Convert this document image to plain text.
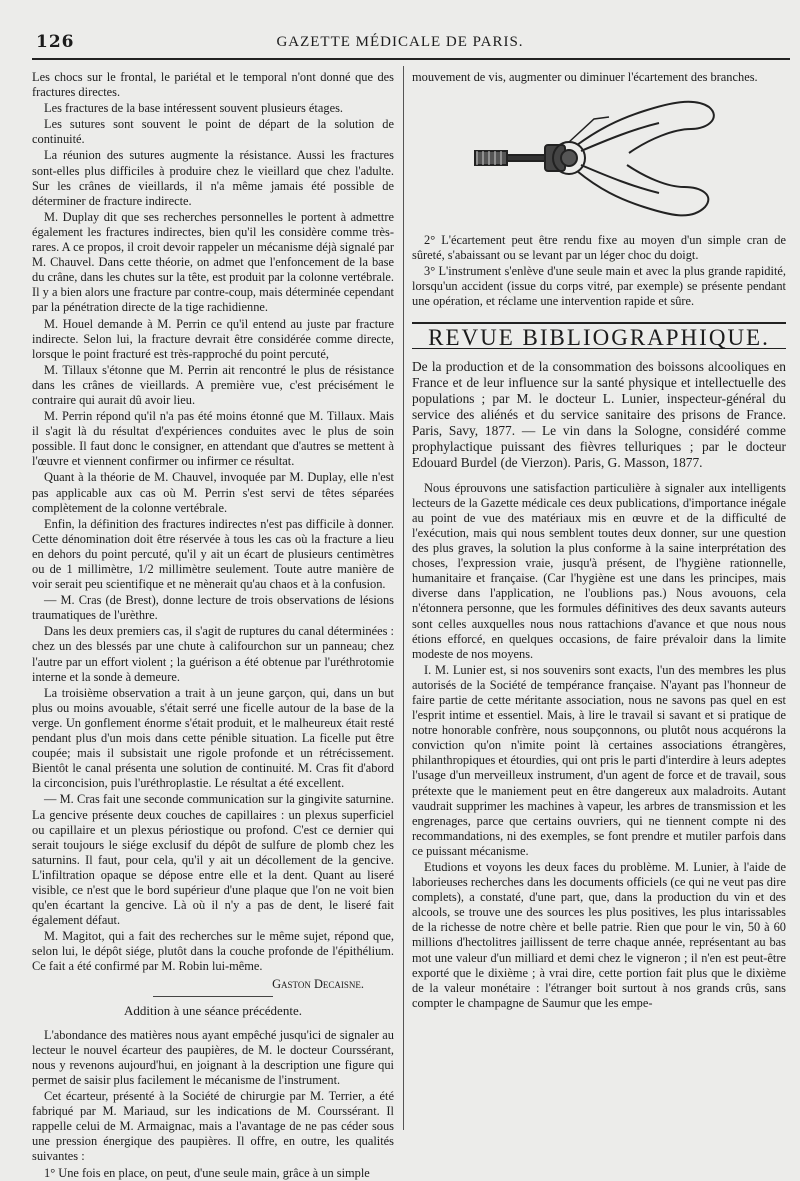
126	GAZETTE MÉDICALE DE PARIS.

Les chocs sur le frontal, le pariétal et le temporal n'ont donné que des fractures directes.

Les fractures de la base intéressent souvent plusieurs étages.

Les sutures sont souvent le point de départ de la solution de continuité.

La réunion des sutures augmente la résistance. Aussi les fractures sont-elles plus difficiles à produire chez le vieillard que chez l'adulte. Sur les crânes de vieillards, il n'a même jamais été possible de déterminer de fracture indirecte.

M. Duplay dit que ses recherches personnelles le portent à admettre également les fractures indirectes, bien qu'il les considère comme très-rares. A ce propos, il croit devoir rappeler un mécanisme déjà signalé par M. Chauvel. Dans cette théorie, on admet que l'enfoncement de la base du crâne, dans les chutes sur la tête, est produit par la colonne vertébrale. Il y a bien alors une fracture par contre-coup, mais déterminée cependant par la pénétration directe de la tige rachidienne.

M. Houel demande à M. Perrin ce qu'il entend au juste par fracture indirecte. Selon lui, la fracture devrait être considérée comme directe, lorsque le point fracturé est très-rapproché du point percuté,

M. Tillaux s'étonne que M. Perrin ait rencontré le plus de résistance dans les crânes de vieillards. A première vue, c'est précisément le contraire qui aurait dû avoir lieu.

M. Perrin répond qu'il n'a pas été moins étonné que M. Tillaux. Mais il s'agit là du résultat d'expériences conduites avec le plus de soin possible. Il faut donc le consigner, en attendant que d'autres se mettent à l'œuvre et viennent confirmer ou infirmer ce résultat.

Quant à la théorie de M. Chauvel, invoquée par M. Duplay, elle n'est pas applicable aux cas où M. Perrin s'est servi de têtes séparées complètement de la colonne vertébrale.

Enfin, la définition des fractures indirectes n'est pas difficile à donner. Cette dénomination doit être réservée à tous les cas où la fracture a lieu en dehors du point percuté, qu'il y ait un écart de plusieurs centimètres ou de 1 millimètre, 1/2 millimètre seulement. Toute autre manière de voir serait peu scientifique et ne mènerait qu'au chaos et à la confusion.

— M. Cras (de Brest), donne lecture de trois observations de lésions traumatiques de l'urèthre.

Dans les deux premiers cas, il s'agit de ruptures du canal déterminées : chez un des blessés par une chute à califourchon sur un panneau; chez l'autre par un effort violent ; la guérison a été obtenue par l'uréthrotomie interne et la sonde à demeure.

La troisième observation a trait à un jeune garçon, qui, dans un but plus ou moins avouable, s'était serré une ficelle autour de la base de la verge. Un gonflement énorme s'était produit, et le malheureux était resté pendant plus d'un mois dans cette pénible situation. La ficelle put être coupée; mais il subsistait une rigole profonde et un rétrécissement. Bientôt le canal présenta une solution de continuité. M. Cras fit d'abord la circoncision, puis l'uréthroplastie. Le résultat a été excellent.

— M. Cras fait une seconde communication sur la gingivite saturnine. La gencive présente deux couches de capillaires : un plexus superficiel ou capillaire et un plexus périostique ou profond. C'est ce dernier qui serait toujours le siége exclusif du dépôt de sulfure de plomb chez les saturnins. Il faut, pour cela, qu'il y ait un décollement de la gencive. L'infiltration opaque se dépose entre elle et la dent. Quant au liseré visible, ce n'est que le bord supérieur d'une plaque que l'on ne voit bien qu'en écartant la gencive. Là où il n'y a pas de dent, le liseré fait également défaut.

M. Magitot, qui a fait des recherches sur le même sujet, répond que, selon lui, le dépôt siége, plutôt dans la couche profonde de l'épithélium. Ce fait a été confirmé par M. Robin lui-même.

Gaston Decaisne.
Addition à une séance précédente.

L'abondance des matières nous ayant empêché jusqu'ici de signaler au lecteur le nouvel écarteur des paupières, de M. le docteur Courssérant, nous y revenons aujourd'hui, en joignant à la description une figure qui permet de saisir plus facilement le mécanisme de l'instrument.

Cet écarteur, présenté à la Société de chirurgie par M. Terrier, a été fabriqué par M. Mariaud, sur les indications de M. Courssérant. Il rappelle celui de M. Armaignac, mais a l'avantage de ne pas céder sous une pression énergique des paupières. Il offre, en outre, les qualités suivantes :

1° Une fois en place, on peut, d'une seule main, grâce à un simple

mouvement de vis, augmenter ou diminuer l'écartement des branches.

2° L'écartement peut être rendu fixe au moyen d'un simple cran de sûreté, s'abaissant ou se levant par un léger choc du doigt.

3° L'instrument s'enlève d'une seule main et avec la plus grande rapidité, lorsqu'un accident (issue du corps vitré, par exemple) se présente pendant une opération, et réclame une intervention rapide et sûre.

REVUE BIBLIOGRAPHIQUE.
De la production et de la consommation des boissons alcooliques en France et de leur influence sur la santé physique et intellectuelle des populations ; par M. le docteur L. Lunier, inspecteur-général du service des aliénés et du service sanitaire des prisons de France. Paris, Savy, 1877. — Le vin dans la Sologne, considéré comme prophylactique puissant des fièvres telluriques ; par le docteur Edouard Burdel (de Vierzon). Paris, G. Masson, 1877.

Nous éprouvons une satisfaction particulière à signaler aux intelligents lecteurs de la Gazette médicale ces deux publications, d'importance inégale au point de vue des matériaux mis en œuvre et de la difficulté de l'exécution, mais qui nous semblent toutes deux donner, sur une question des plus graves, la solution la plus conforme à la saine interprétation des choses, l'expression vraie, jusqu'à présent, de l'hygiène rationnelle, humanitaire et française. (Car l'hygiène est une dans les principes, mais diverse dans l'application, ne l'oublions pas.) Nous avouons, cela n'étonnera personne, que les formules définitives des deux savants auteurs sont celles auxquelles nous nous rattachions d'avance et que nous nous étions efforcé, en quelques occasions, de faire prévaloir dans la limite modeste de nos moyens.

I. M. Lunier est, si nos souvenirs sont exacts, l'un des membres les plus autorisés de la Société de tempérance française. N'ayant pas l'honneur de faire partie de cette méritante association, nous ne savons pas quel en est l'esprit intime et essentiel. Mais, à lire le travail si savant et si pratique de notre honorable confrère, nous soupçonnons, ou plutôt nous acquérons la conviction qu'on n'imite point là certaines associations étrangères, philanthropiques et étourdies, qui ont pris le parti d'interdire à leurs adeptes l'usage d'un merveilleux instrument, d'un agent de force et de travail, sous prétexte que le maniement peut en être dangereux aux maladroits. Autant vaudrait supprimer les machines à vapeur, les arbres de transmission et les engrenages, parce que certains ouvriers, qui ne tiennent compte ni des recommandations, ni des exemples, se font prendre et mutiler parfois dans ce puissant mécanisme.

Etudions et voyons les deux faces du problème. M. Lunier, à l'aide de laborieuses recherches dans les documents officiels (ce qui ne veut pas dire complets), a constaté, d'une part, que, dans la production du vin et des alcools, se trouve une des sources les plus positives, les plus intarissables de la richesse de notre chère et belle patrie. Rien que pour le vin, 50 à 60 millions d'hectolitres jaillissent de terre chaque année, représentant au bas mot une valeur d'un milliard et demi chez le vigneron ; il n'en est peut-être exporté que le dixième ; à vrai dire, cette portion fait plus que le dixième de la valeur monétaire : l'étranger boit surtout à nos grands crûs, sans compter le champagne de Saumur que les empe-
